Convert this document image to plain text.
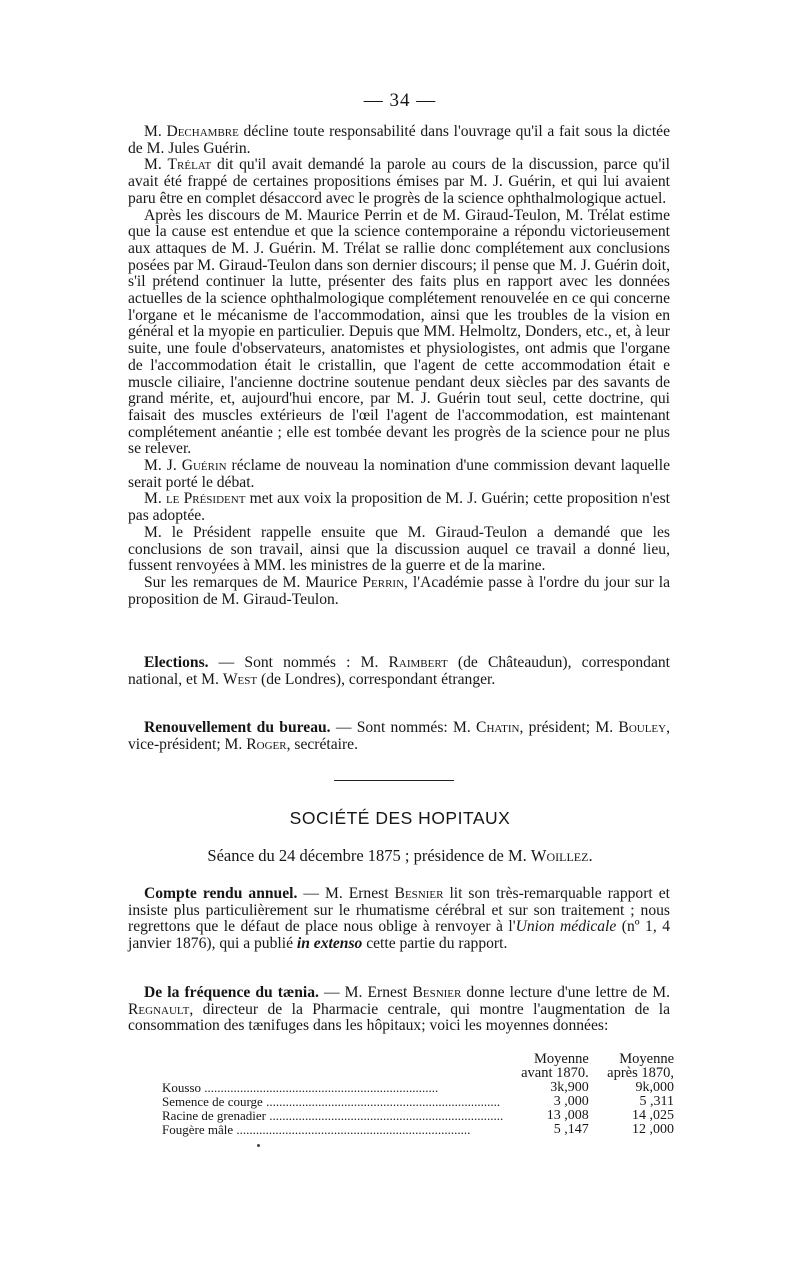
— 34 —

M. Dechambre décline toute responsabilité dans l'ouvrage qu'il a fait sous la dictée de M. Jules Guérin.

M. Trélat dit qu'il avait demandé la parole au cours de la discussion, parce qu'il avait été frappé de certaines propositions émises par M. J. Guérin, et qui lui avaient paru être en complet désaccord avec le progrès de la science ophthalmologique actuel.

Après les discours de M. Maurice Perrin et de M. Giraud-Teulon, M. Trélat estime que la cause est entendue et que la science contemporaine a répondu victorieusement aux attaques de M. J. Guérin. M. Trélat se rallie donc complétement aux conclusions posées par M. Giraud-Teulon dans son dernier discours; il pense que M. J. Guérin doit, s'il prétend continuer la lutte, présenter des faits plus en rapport avec les données actuelles de la science ophthalmologique complétement renouvelée en ce qui concerne l'organe et le mécanisme de l'accommodation, ainsi que les troubles de la vision en général et la myopie en particulier. Depuis que MM. Helmoltz, Donders, etc., et, à leur suite, une foule d'observateurs, anatomistes et physiologistes, ont admis que l'organe de l'accommodation était le cristallin, que l'agent de cette accommodation était e muscle ciliaire, l'ancienne doctrine soutenue pendant deux siècles par des savants de grand mérite, et, aujourd'hui encore, par M. J. Guérin tout seul, cette doctrine, qui faisait des muscles extérieurs de l'œil l'agent de l'accommodation, est maintenant complétement anéantie ; elle est tombée devant les progrès de la science pour ne plus se relever.

M. J. Guérin réclame de nouveau la nomination d'une commission devant laquelle serait porté le débat.

M. le Président met aux voix la proposition de M. J. Guérin; cette proposition n'est pas adoptée.

M. le Président rappelle ensuite que M. Giraud-Teulon a demandé que les conclusions de son travail, ainsi que la discussion auquel ce travail a donné lieu, fussent renvoyées à MM. les ministres de la guerre et de la marine.

Sur les remarques de M. Maurice Perrin, l'Académie passe à l'ordre du jour sur la proposition de M. Giraud-Teulon.

Elections. — Sont nommés : M. Raimbert (de Châteaudun), correspondant national, et M. West (de Londres), correspondant étranger.

Renouvellement du bureau. — Sont nommés: M. Chatin, président; M. Bouley, vice-président; M. Roger, secrétaire.

SOCIÉTÉ DES HOPITAUX
Séance du 24 décembre 1875 ; présidence de M. Woillez.

Compte rendu annuel. — M. Ernest Besnier lit son très-remarquable rapport et insiste plus particulièrement sur le rhumatisme cérébral et sur son traitement ; nous regrettons que le défaut de place nous oblige à renvoyer à l'Union médicale (nº 1, 4 janvier 1876), qui a publié in extenso cette partie du rapport.

De la fréquence du tænia. — M. Ernest Besnier donne lecture d'une lettre de M. Regnault, directeur de la Pharmacie centrale, qui montre l'augmentation de la consommation des tænifuges dans les hôpitaux; voici les moyennes données:

	Moyenne avant 1870.	Moyenne après 1870,
Kousso .....	3k,900	9k,000
Semence de courge .....	3 ,000	5 ,311
Racine de grenadier .....	13 ,008	14 ,025
Fougère mâle .....	5 ,147	12 ,000
